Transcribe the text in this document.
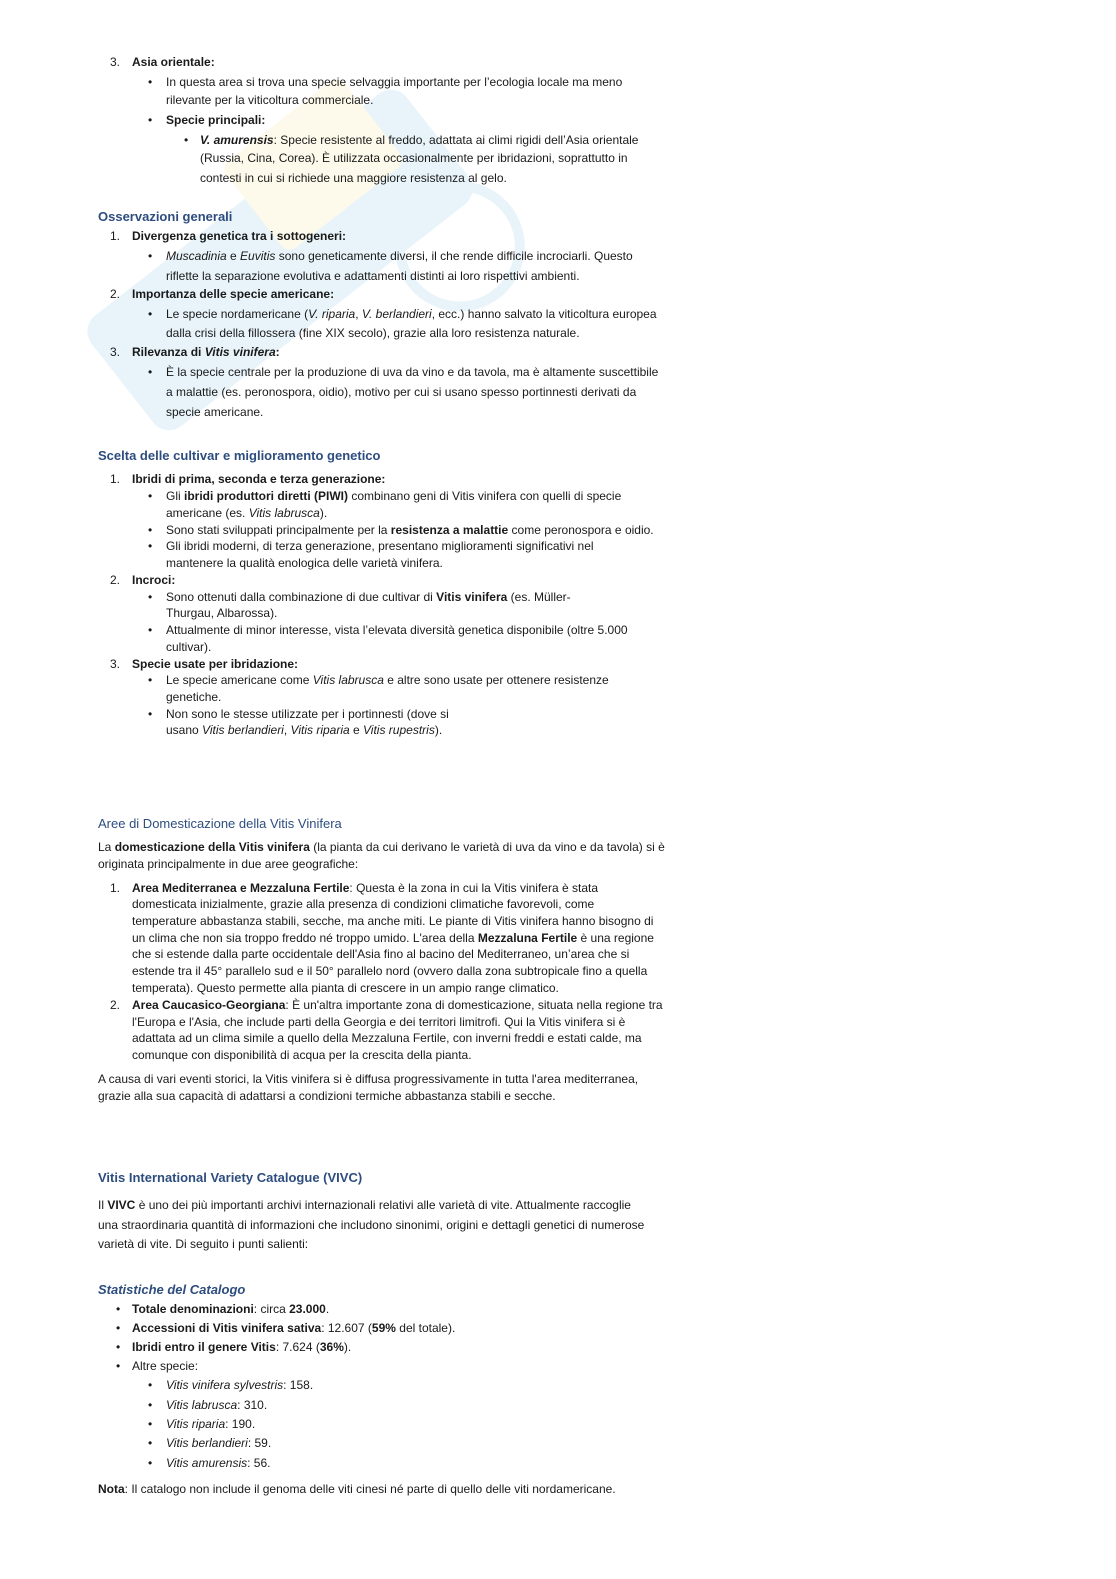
3. Asia orientale:
• In questa area si trova una specie selvaggia importante per l’ecologia locale ma meno
rilevante per la viticoltura commerciale.
• Specie principali:
• V. amurensis: Specie resistente al freddo, adattata ai climi rigidi dell’Asia orientale
(Russia, Cina, Corea). È utilizzata occasionalmente per ibridazioni, soprattutto in
contesti in cui si richiede una maggiore resistenza al gelo.
Osservazioni generali
1. Divergenza genetica tra i sottogeneri:
• Muscadinia e Euvitis sono geneticamente diversi, il che rende difficile incrociarli. Questo
riflette la separazione evolutiva e adattamenti distinti ai loro rispettivi ambienti.
2. Importanza delle specie americane:
• Le specie nordamericane (V. riparia, V. berlandieri, ecc.) hanno salvato la viticoltura europea
dalla crisi della fillossera (fine XIX secolo), grazie alla loro resistenza naturale.
3. Rilevanza di Vitis vinifera:
• È la specie centrale per la produzione di uva da vino e da tavola, ma è altamente suscettibile
a malattie (es. peronospora, oidio), motivo per cui si usano spesso portinnesti derivati da
specie americane.
Scelta delle cultivar e miglioramento genetico
1. Ibridi di prima, seconda e terza generazione:
• Gli ibridi produttori diretti (PIWI) combinano geni di Vitis vinifera con quelli di specie
americane (es. Vitis labrusca).
• Sono stati sviluppati principalmente per la resistenza a malattie come peronospora e oidio.
• Gli ibridi moderni, di terza generazione, presentano miglioramenti significativi nel
mantenere la qualità enologica delle varietà vinifera.
2. Incroci:
• Sono ottenuti dalla combinazione di due cultivar di Vitis vinifera (es. Müller-
Thurgau, Albarossa).
• Attualmente di minor interesse, vista l’elevata diversità genetica disponibile (oltre 5.000
cultivar).
3. Specie usate per ibridazione:
• Le specie americane come Vitis labrusca e altre sono usate per ottenere resistenze
genetiche.
• Non sono le stesse utilizzate per i portinnesti (dove si
usano Vitis berlandieri, Vitis riparia e Vitis rupestris).
Aree di Domesticazione della Vitis Vinifera
La domesticazione della Vitis vinifera (la pianta da cui derivano le varietà di uva da vino e da tavola) si è
originata principalmente in due aree geografiche:
1. Area Mediterranea e Mezzaluna Fertile: Questa è la zona in cui la Vitis vinifera è stata
domesticata inizialmente, grazie alla presenza di condizioni climatiche favorevoli, come
temperature abbastanza stabili, secche, ma anche miti. Le piante di Vitis vinifera hanno bisogno di
un clima che non sia troppo freddo né troppo umido. L'area della Mezzaluna Fertile è una regione
che si estende dalla parte occidentale dell'Asia fino al bacino del Mediterraneo, un’area che si
estende tra il 45° parallelo sud e il 50° parallelo nord (ovvero dalla zona subtropicale fino a quella
temperata). Questo permette alla pianta di crescere in un ampio range climatico.
2. Area Caucasico-Georgiana: È un'altra importante zona di domesticazione, situata nella regione tra
l'Europa e l'Asia, che include parti della Georgia e dei territori limitrofi. Qui la Vitis vinifera si è
adattata ad un clima simile a quello della Mezzaluna Fertile, con inverni freddi e estati calde, ma
comunque con disponibilità di acqua per la crescita della pianta.
A causa di vari eventi storici, la Vitis vinifera si è diffusa progressivamente in tutta l'area mediterranea,
grazie alla sua capacità di adattarsi a condizioni termiche abbastanza stabili e secche.
Vitis International Variety Catalogue (VIVC)
Il VIVC è uno dei più importanti archivi internazionali relativi alle varietà di vite. Attualmente raccoglie
una straordinaria quantità di informazioni che includono sinonimi, origini e dettagli genetici di numerose
varietà di vite. Di seguito i punti salienti:
Statistiche del Catalogo
• Totale denominazioni: circa 23.000.
• Accessioni di Vitis vinifera sativa: 12.607 (59% del totale).
• Ibridi entro il genere Vitis: 7.624 (36%).
• Altre specie:
• Vitis vinifera sylvestris: 158.
• Vitis labrusca: 310.
• Vitis riparia: 190.
• Vitis berlandieri: 59.
• Vitis amurensis: 56.
Nota: Il catalogo non include il genoma delle viti cinesi né parte di quello delle viti nordamericane.
